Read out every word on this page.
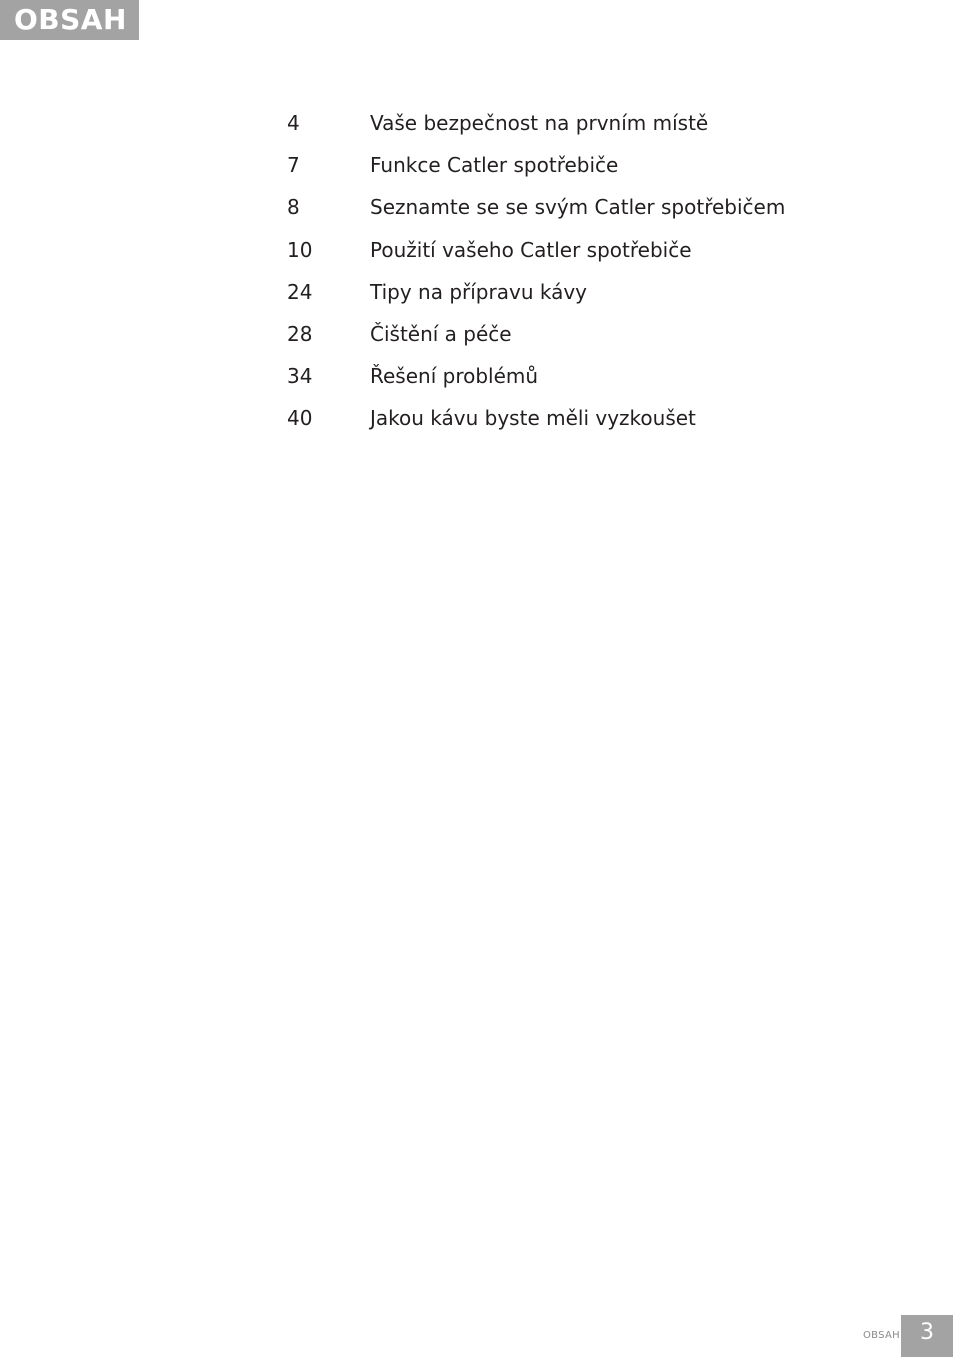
OBSAH
4	Vaše bezpečnost na prvním místě
7	Funkce Catler spotřebiče
8	Seznamte se se svým Catler spotřebičem
10	Použití vašeho Catler spotřebiče
24	Tipy na přípravu kávy
28	Čištění a péče
34	Řešení problémů
40	Jakou kávu byste měli vyzkoušet
OBSAH 3
